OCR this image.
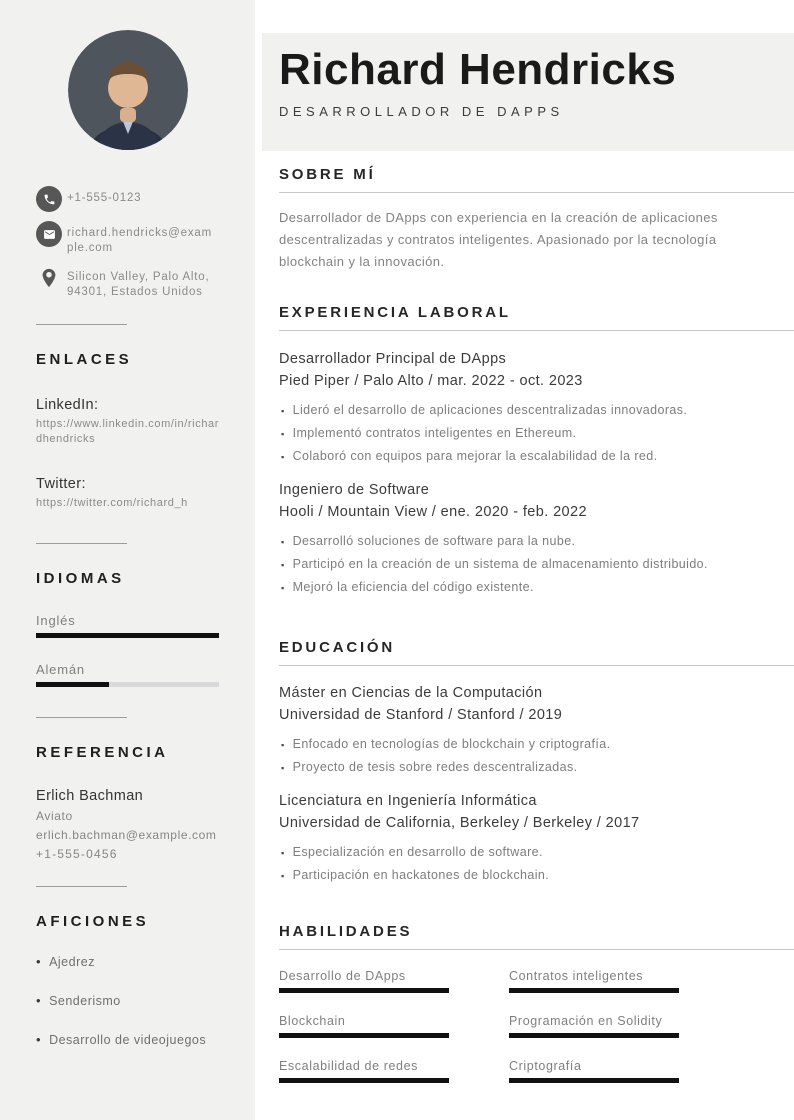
+1-555-0123
richard.hendricks@example.com
Silicon Valley, Palo Alto, 94301, Estados Unidos
ENLACES
LinkedIn:
https://www.linkedin.com/in/richardhendricks
Twitter:
https://twitter.com/richard_h
IDIOMAS
Inglés
Alemán
REFERENCIA
Erlich Bachman
Aviato
erlich.bachman@example.com
+1-555-0456
AFICIONES
• Ajedrez
• Senderismo
• Desarrollo de videojuegos
Richard Hendricks
DESARROLLADOR DE DAPPS
SOBRE MÍ

Desarrollador de DApps con experiencia en la creación de aplicaciones descentralizadas y contratos inteligentes. Apasionado por la tecnología blockchain y la innovación.

EXPERIENCIA LABORAL
Desarrollador Principal de DApps
Pied Piper / Palo Alto / mar. 2022 - oct. 2023
▪ Lideró el desarrollo de aplicaciones descentralizadas innovadoras.
▪ Implementó contratos inteligentes en Ethereum.
▪ Colaboró con equipos para mejorar la escalabilidad de la red.
Ingeniero de Software
Hooli / Mountain View / ene. 2020 - feb. 2022
▪ Desarrolló soluciones de software para la nube.
▪ Participó en la creación de un sistema de almacenamiento distribuido.
▪ Mejoró la eficiencia del código existente.
EDUCACIÓN
Máster en Ciencias de la Computación
Universidad de Stanford / Stanford / 2019
▪ Enfocado en tecnologías de blockchain y criptografía.
▪ Proyecto de tesis sobre redes descentralizadas.
Licenciatura en Ingeniería Informática
Universidad de California, Berkeley / Berkeley / 2017
▪ Especialización en desarrollo de software.
▪ Participación en hackatones de blockchain.
HABILIDADES
Desarrollo de DApps	Contratos inteligentes
Blockchain	Programación en Solidity
Escalabilidad de redes	Criptografía
